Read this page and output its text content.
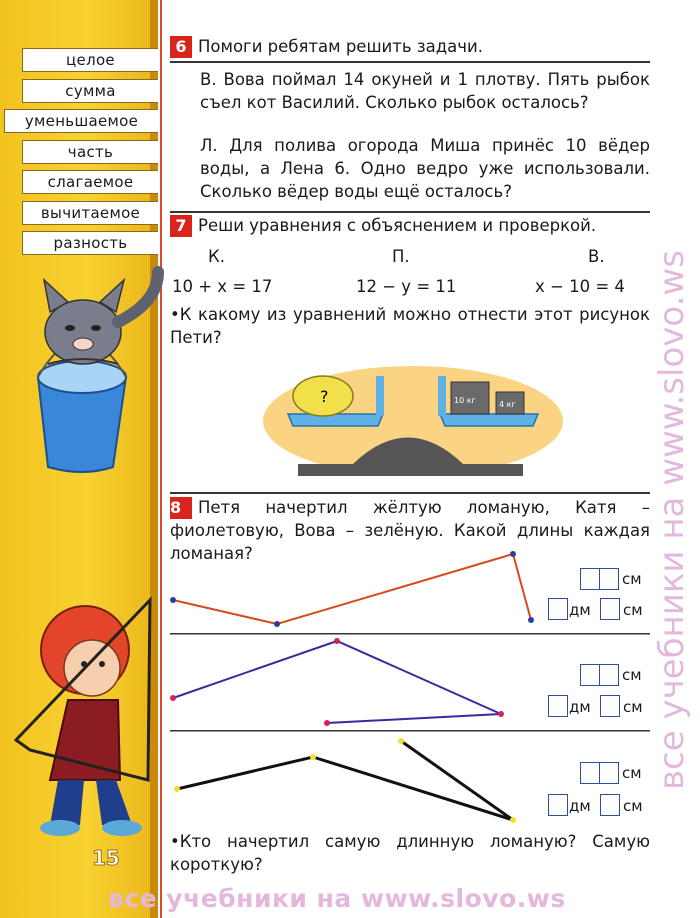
целое
сумма
уменьшаемое
часть
слагаемое
вычитаемое
разность
15
6 Помоги ребятам решить задачи.
В. Вова поймал 14 окуней и 1 плотву. Пять рыбок съел кот Василий. Сколько рыбок осталось?
Л. Для полива огорода Миша принёс 10 вёдер воды, а Лена 6. Одно ведро уже использовали. Сколько вёдер воды ещё осталось?
7 Реши уравнения с объяснением и проверкой.
К.	П.	В.
10 + x = 17	12 − y = 11	x − 10 = 4
•К какому из уравнений можно отнести этот рисунок Пети?
?	10 кг	4 кг
8 Петя начертил жёлтую ломаную, Катя – фиолетовую, Вова – зелёную. Какой длины каждая ломаная?
см
дм см
см
дм см
см
дм см
•Кто начертил самую длинную ломаную? Самую короткую?
все учебники на www.slovo.ws
все учебники на www.slovo.ws
